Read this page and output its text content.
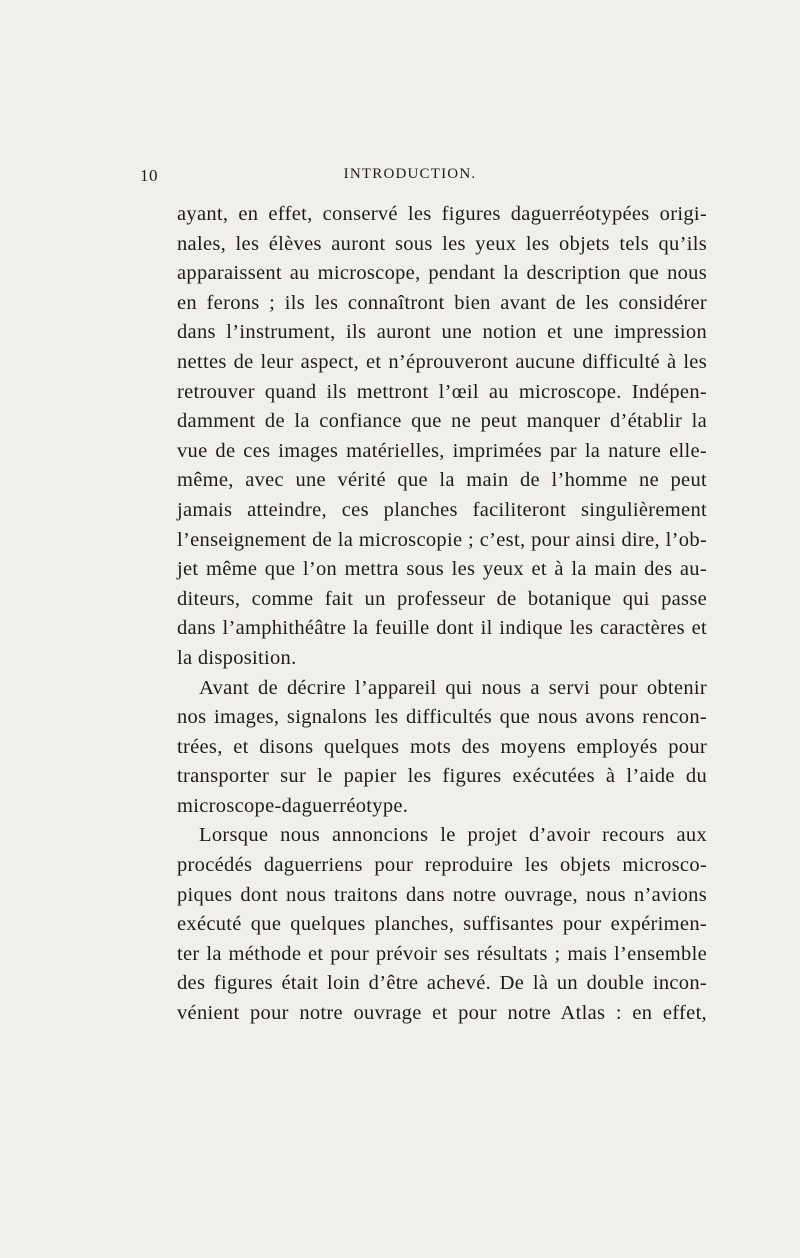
10	INTRODUCTION.
ayant, en effet, conservé les figures daguerréotypées origi-
nales, les élèves auront sous les yeux les objets tels qu’ils
apparaissent au microscope, pendant la description que nous
en ferons ; ils les connaîtront bien avant de les considérer
dans l’instrument, ils auront une notion et une impression
nettes de leur aspect, et n’éprouveront aucune difficulté à les
retrouver quand ils mettront l’œil au microscope. Indépen-
damment de la confiance que ne peut manquer d’établir la
vue de ces images matérielles, imprimées par la nature elle-
même, avec une vérité que la main de l’homme ne peut
jamais atteindre, ces planches faciliteront singulièrement
l’enseignement de la microscopie ; c’est, pour ainsi dire, l’ob-
jet même que l’on mettra sous les yeux et à la main des au-
diteurs, comme fait un professeur de botanique qui passe
dans l’amphithéâtre la feuille dont il indique les caractères et
la disposition.
Avant de décrire l’appareil qui nous a servi pour obtenir
nos images, signalons les difficultés que nous avons rencon-
trées, et disons quelques mots des moyens employés pour
transporter sur le papier les figures exécutées à l’aide du
microscope-daguerréotype.
Lorsque nous annoncions le projet d’avoir recours aux
procédés daguerriens pour reproduire les objets microsco-
piques dont nous traitons dans notre ouvrage, nous n’avions
exécuté que quelques planches, suffisantes pour expérimen-
ter la méthode et pour prévoir ses résultats ; mais l’ensemble
des figures était loin d’être achevé. De là un double incon-
vénient pour notre ouvrage et pour notre Atlas : en effet,
